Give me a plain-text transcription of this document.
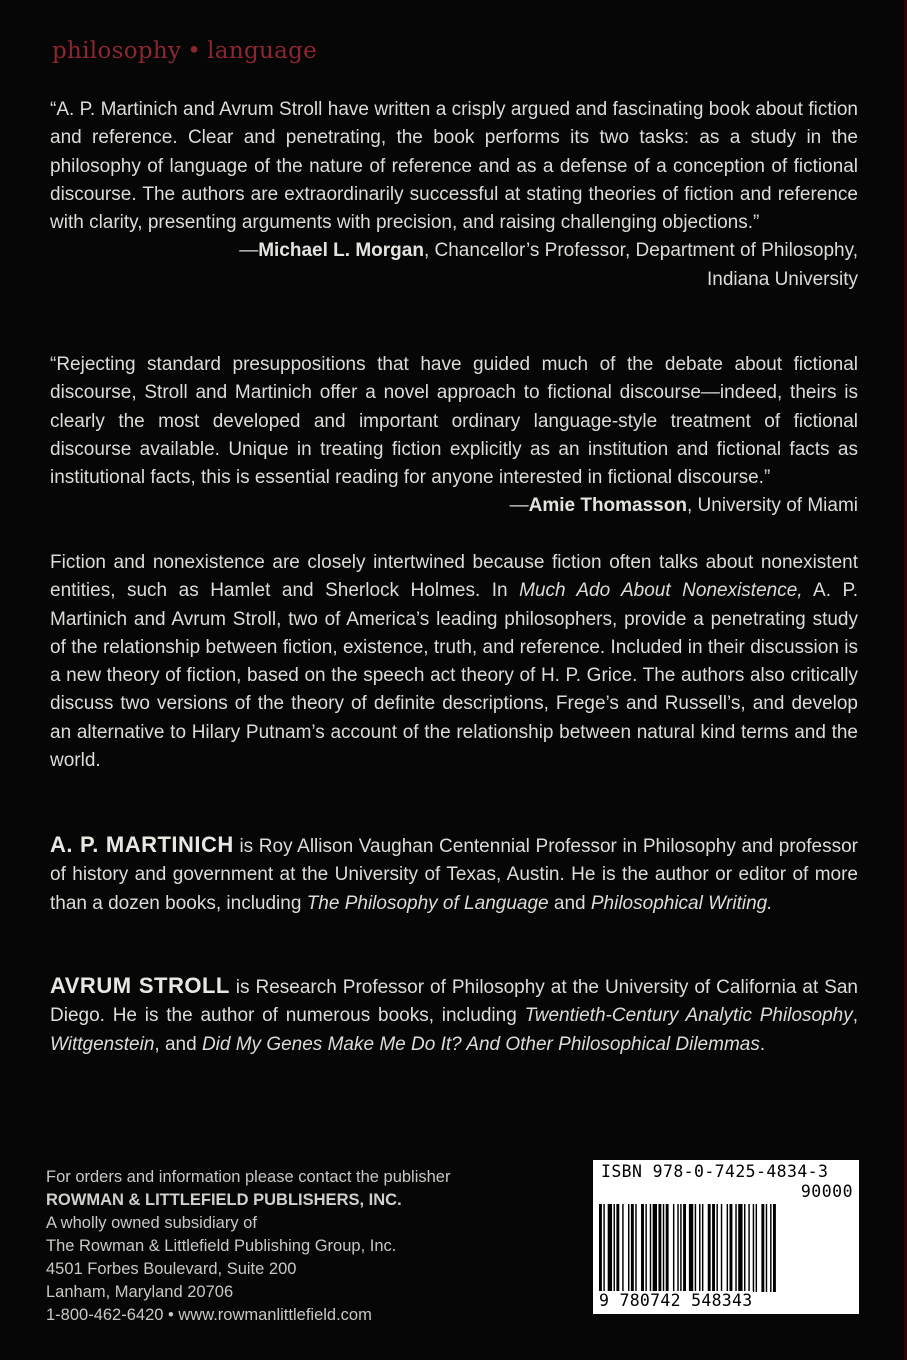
philosophy • language
“A. P. Martinich and Avrum Stroll have written a crisply argued and fascinating book about fiction and reference. Clear and penetrating, the book performs its two tasks: as a study in the philosophy of language of the nature of reference and as a defense of a conception of fictional discourse. The authors are extraordinarily successful at stating theories of fiction and reference with clarity, presenting arguments with precision, and raising challenging objections.”
—Michael L. Morgan, Chancellor’s Professor, Department of Philosophy,
Indiana University
“Rejecting standard presuppositions that have guided much of the debate about fictional discourse, Stroll and Martinich offer a novel approach to fictional discourse—indeed, theirs is clearly the most developed and important ordinary language-style treatment of fictional discourse available. Unique in treating fiction explicitly as an institution and fictional facts as institutional facts, this is essential reading for anyone interested in fictional discourse.”
—Amie Thomasson, University of Miami
Fiction and nonexistence are closely intertwined because fiction often talks about nonexistent entities, such as Hamlet and Sherlock Holmes. In Much Ado About Nonexistence, A. P. Martinich and Avrum Stroll, two of America’s leading philosophers, provide a penetrating study of the relationship between fiction, existence, truth, and reference. Included in their discussion is a new theory of fiction, based on the speech act theory of H. P. Grice. The authors also critically discuss two versions of the theory of definite descriptions, Frege’s and Russell’s, and develop an alternative to Hilary Putnam’s account of the relationship between natural kind terms and the world.
A. P. MARTINICH is Roy Allison Vaughan Centennial Professor in Philosophy and professor of history and government at the University of Texas, Austin. He is the author or editor of more than a dozen books, including The Philosophy of Language and Philosophical Writing.
AVRUM STROLL is Research Professor of Philosophy at the University of California at San Diego. He is the author of numerous books, including Twentieth-Century Analytic Philosophy, Wittgenstein, and Did My Genes Make Me Do It? And Other Philosophical Dilemmas.
For orders and information please contact the publisher
ROWMAN & LITTLEFIELD PUBLISHERS, INC.
A wholly owned subsidiary of
The Rowman & Littlefield Publishing Group, Inc.
4501 Forbes Boulevard, Suite 200
Lanham, Maryland 20706
1-800-462-6420 • www.rowmanlittlefield.com
ISBN 978-0-7425-4834-3
90000
9 780742 548343
